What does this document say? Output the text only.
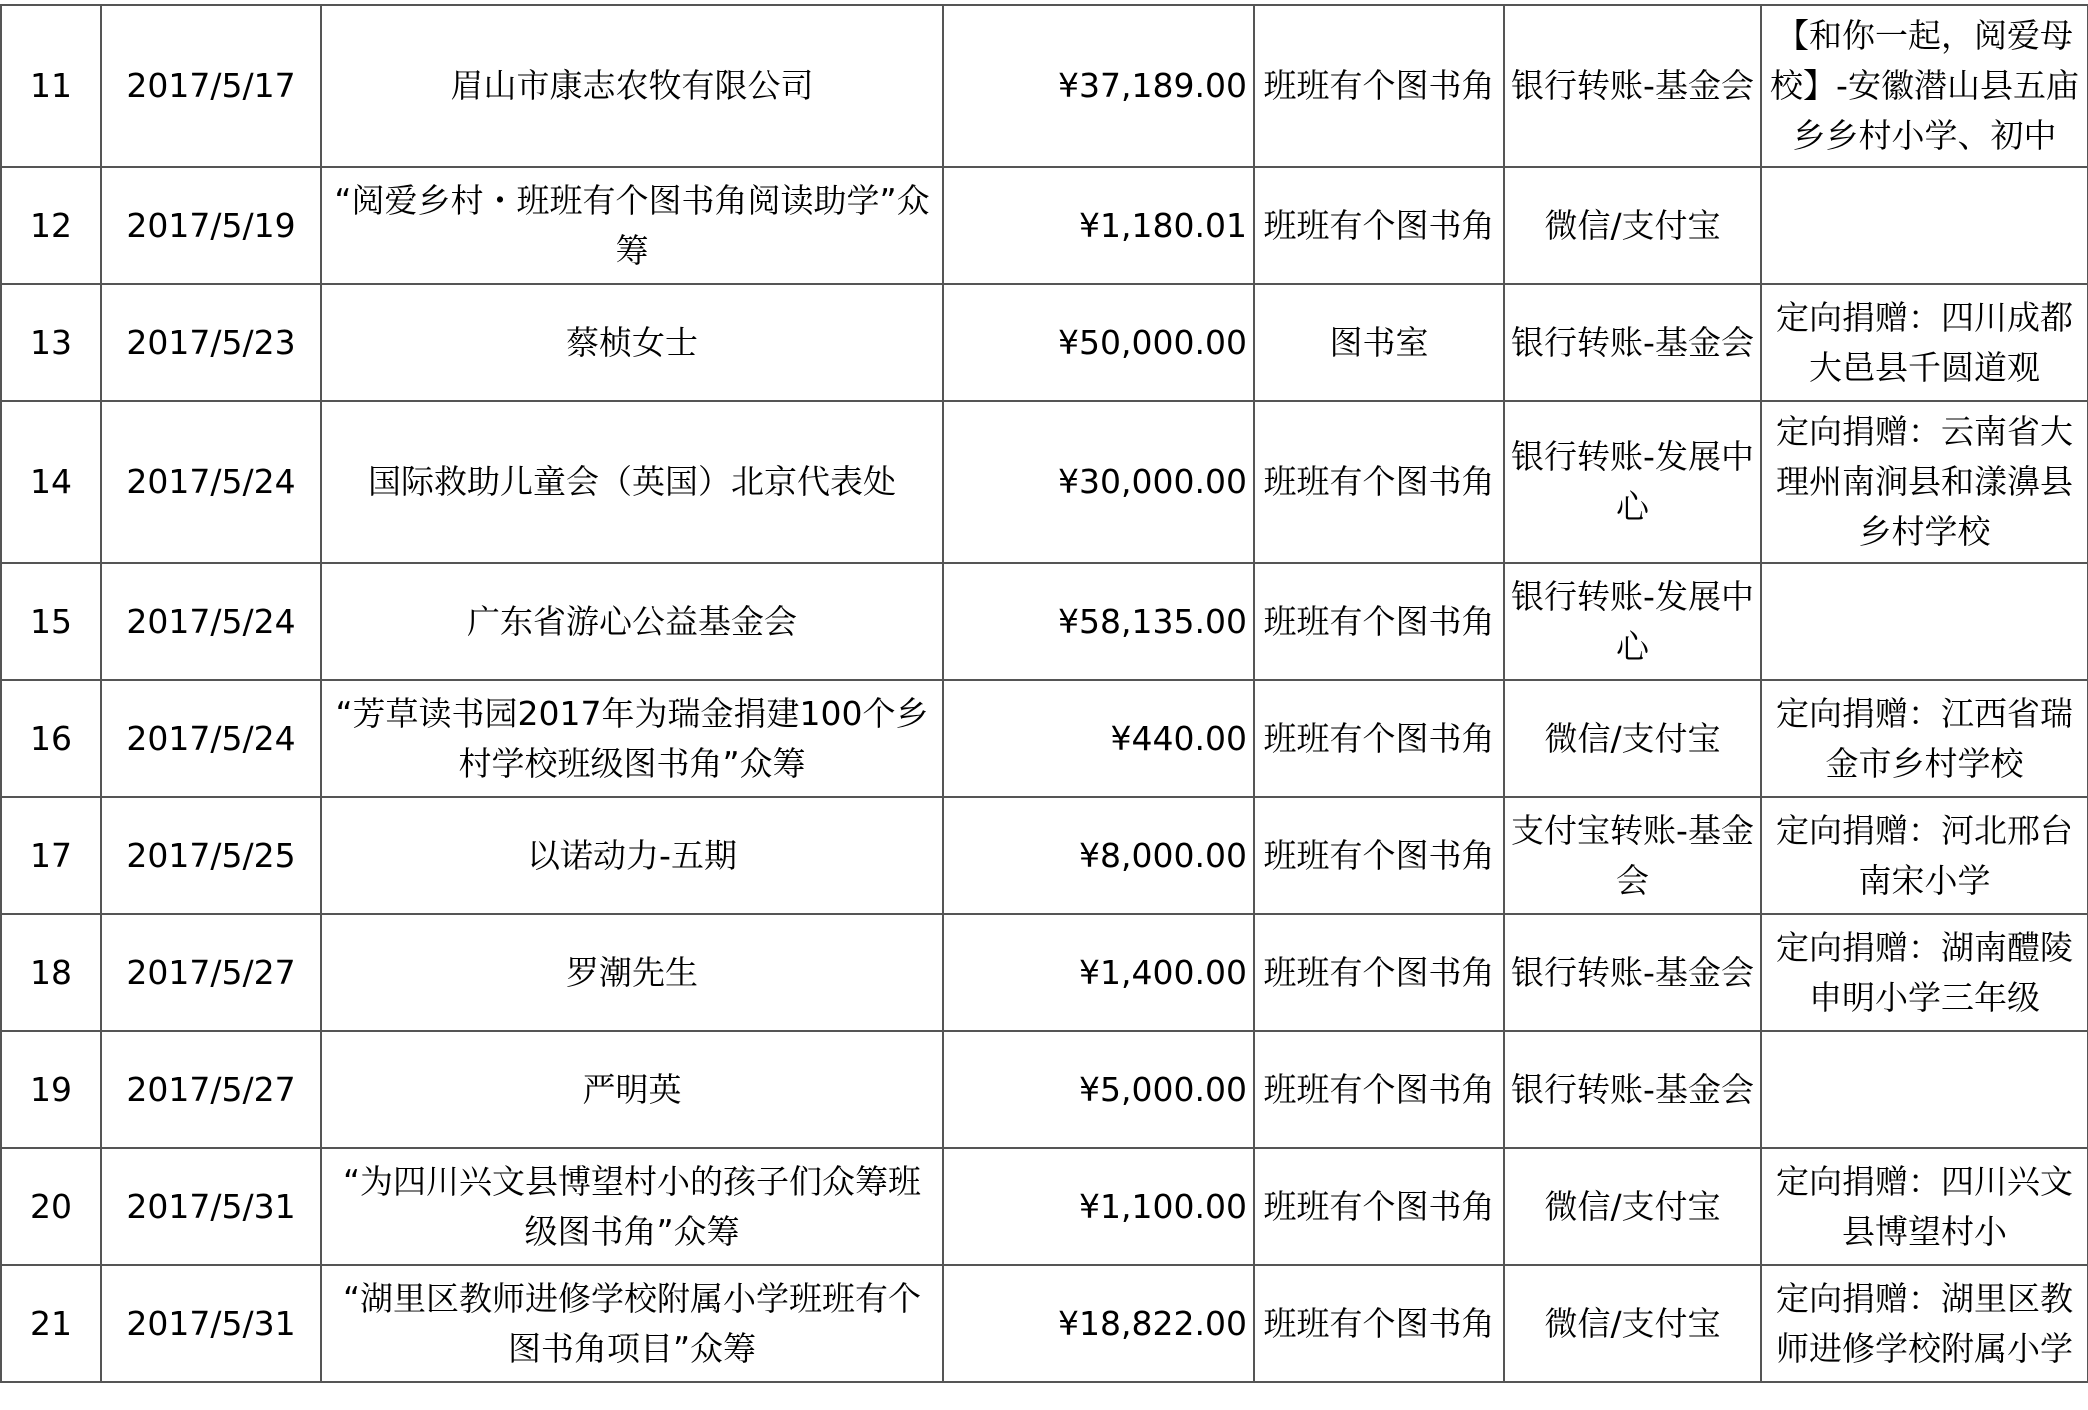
11	2017/5/17	眉山市康志农牧有限公司	¥37,189.00	班班有个图书角	银行转账-基金会	【和你一起，阅爱母校】-安徽潜山县五庙乡乡村小学、初中
12	2017/5/19	“阅爱乡村・班班有个图书角阅读助学”众筹	¥1,180.01	班班有个图书角	微信/支付宝	
13	2017/5/23	蔡桢女士	¥50,000.00	图书室	银行转账-基金会	定向捐赠：四川成都大邑县千圆道观
14	2017/5/24	国际救助儿童会（英国）北京代表处	¥30,000.00	班班有个图书角	银行转账-发展中心	定向捐赠：云南省大理州南涧县和漾濞县乡村学校
15	2017/5/24	广东省游心公益基金会	¥58,135.00	班班有个图书角	银行转账-发展中心	
16	2017/5/24	“芳草读书园2017年为瑞金捐建100个乡村学校班级图书角”众筹	¥440.00	班班有个图书角	微信/支付宝	定向捐赠：江西省瑞金市乡村学校
17	2017/5/25	以诺动力-五期	¥8,000.00	班班有个图书角	支付宝转账-基金会	定向捐赠：河北邢台南宋小学
18	2017/5/27	罗潮先生	¥1,400.00	班班有个图书角	银行转账-基金会	定向捐赠：湖南醴陵申明小学三年级
19	2017/5/27	严明英	¥5,000.00	班班有个图书角	银行转账-基金会	
20	2017/5/31	“为四川兴文县博望村小的孩子们众筹班级图书角”众筹	¥1,100.00	班班有个图书角	微信/支付宝	定向捐赠：四川兴文县博望村小
21	2017/5/31	“湖里区教师进修学校附属小学班班有个图书角项目”众筹	¥18,822.00	班班有个图书角	微信/支付宝	定向捐赠：湖里区教师进修学校附属小学
